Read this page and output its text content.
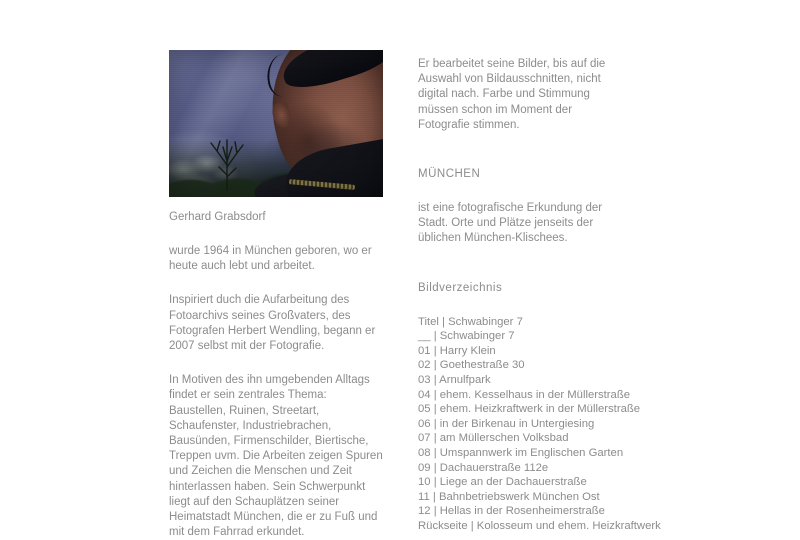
Gerhard Grabsdorf

wurde 1964 in München geboren, wo er heute auch lebt und arbeitet.

Inspiriert duch die Aufarbeitung des Fotoarchivs seines Großvaters, des Fotografen Herbert Wendling, begann er 2007 selbst mit der Fotografie.

In Motiven des ihn umgebenden Alltags findet er sein zentrales Thema: Baustellen, Ruinen, Streetart, Schaufenster, Industriebrachen, Bausünden, Firmenschilder, Biertische, Treppen uvm. Die Arbeiten zeigen Spuren und Zeichen die Menschen und Zeit hinterlassen haben. Sein Schwerpunkt liegt auf den Schauplätzen seiner Heimatstadt München, die er zu Fuß und mit dem Fahrrad erkundet.

Er bearbeitet seine Bilder, bis auf die Auswahl von Bildausschnitten, nicht digital nach. Farbe und Stimmung müssen schon im Moment der Fotografie stimmen.

MÜNCHEN

ist eine fotografische Erkundung der Stadt. Orte und Plätze jenseits der üblichen München-Klischees.

Bildverzeichnis
Titel | Schwabinger 7
__ | Schwabinger 7
01 | Harry Klein
02 | Goethestraße 30
03 | Arnulfpark
04 | ehem. Kesselhaus in der Müllerstraße
05 | ehem. Heizkraftwerk in der Müllerstraße
06 | in der Birkenau in Untergiesing
07 | am Müllerschen Volksbad
08 | Umspannwerk im Englischen Garten
09 | Dachauerstraße 112e
10 | Liege an der Dachauerstraße
11 | Bahnbetriebswerk München Ost
12 | Hellas in der Rosenheimerstraße
Rückseite | Kolosseum und ehem. Heizkraftwerk
